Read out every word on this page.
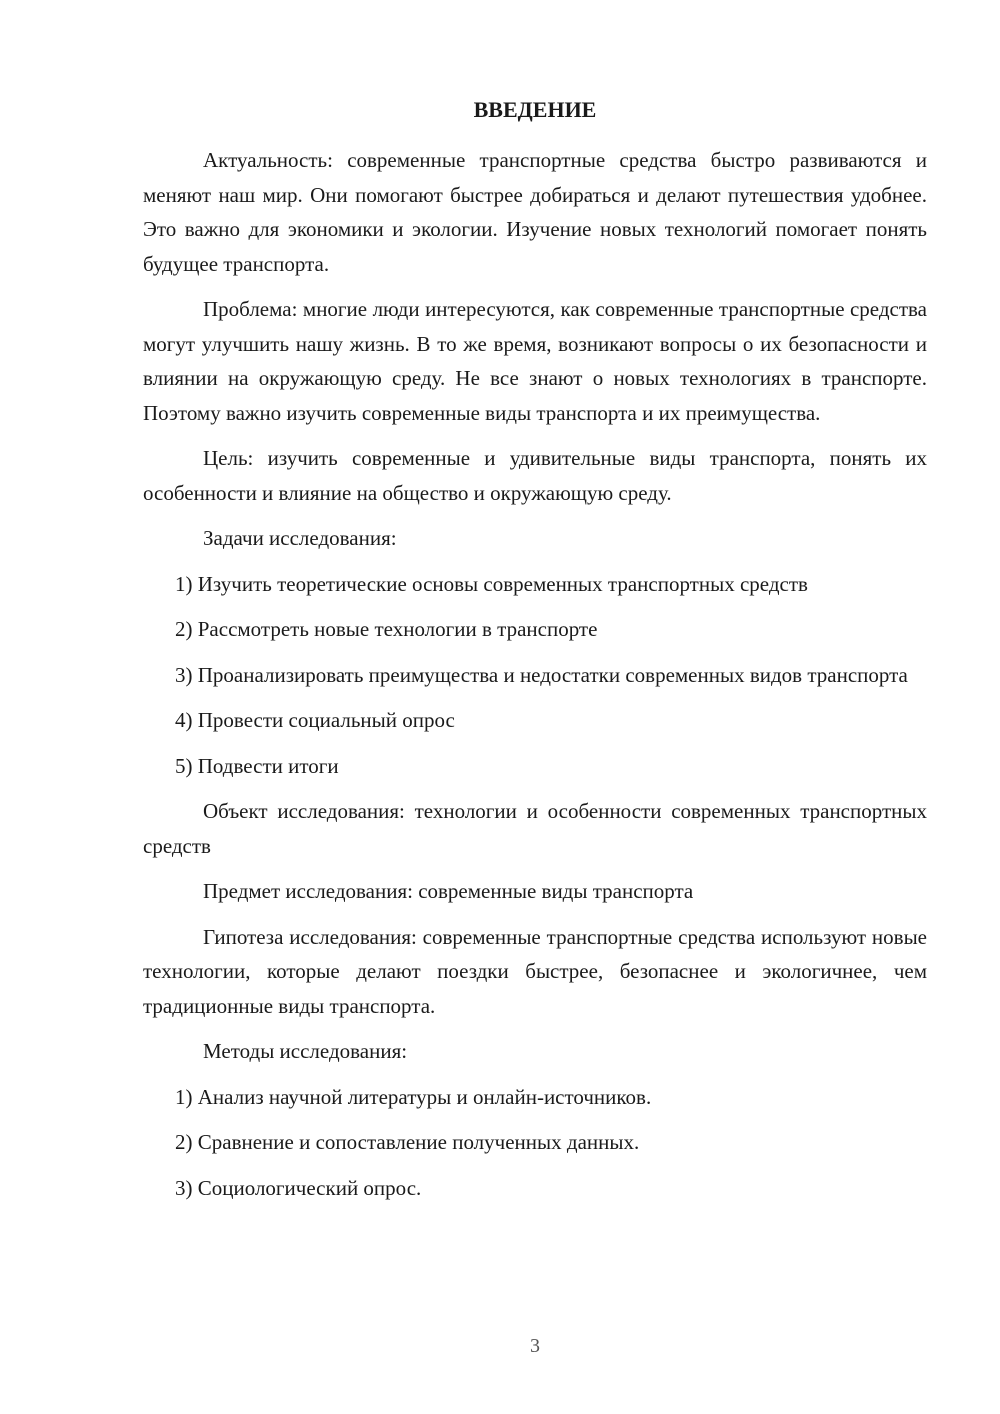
ВВЕДЕНИЕ

Актуальность: современные транспортные средства быстро развиваются и меняют наш мир. Они помогают быстрее добираться и делают путешествия удобнее. Это важно для экономики и экологии. Изучение новых технологий помогает понять будущее транспорта.

Проблема: многие люди интересуются, как современные транспортные средства могут улучшить нашу жизнь. В то же время, возникают вопросы о их безопасности и влиянии на окружающую среду. Не все знают о новых технологиях в транспорте. Поэтому важно изучить современные виды транспорта и их преимущества.

Цель: изучить современные и удивительные виды транспорта, понять их особенности и влияние на общество и окружающую среду.

Задачи исследования:

1) Изучить теоретические основы современных транспортных средств

2) Рассмотреть новые технологии в транспорте

3) Проанализировать преимущества и недостатки современных видов транспорта

4) Провести социальный опрос

5) Подвести итоги

Объект исследования: технологии и особенности современных транспортных средств

Предмет исследования: современные виды транспорта

Гипотеза исследования: современные транспортные средства используют новые технологии, которые делают поездки быстрее, безопаснее и экологичнее, чем традиционные виды транспорта.

Методы исследования:

1) Анализ научной литературы и онлайн-источников.

2) Сравнение и сопоставление полученных данных.

3) Социологический опрос.

3
